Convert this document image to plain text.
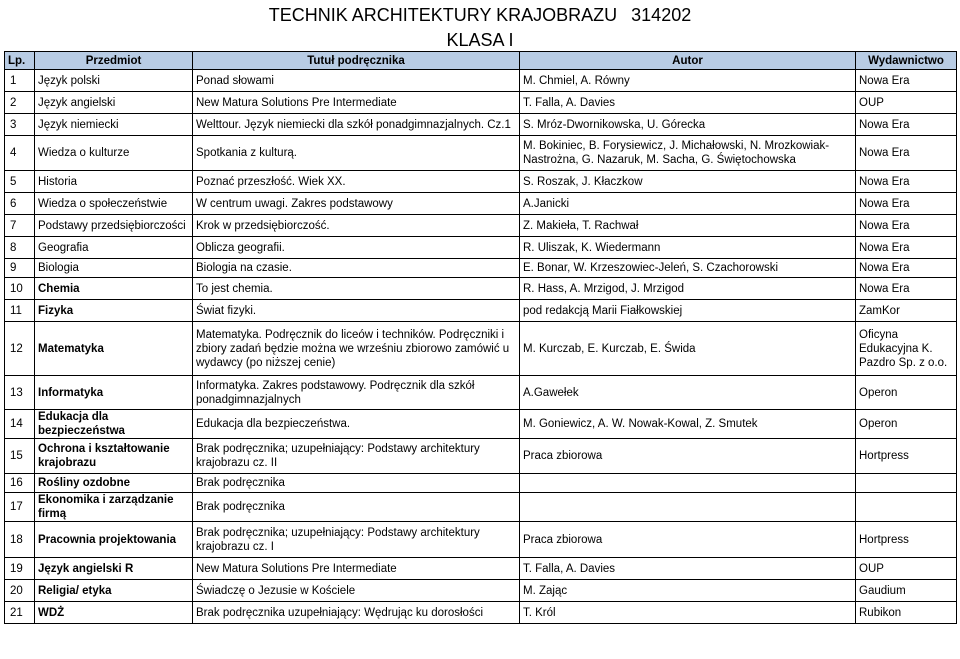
TECHNIK ARCHITEKTURY KRAJOBRAZU 314202
KLASA I
Lp.	Przedmiot	Tutuł podręcznika	Autor	Wydawnictwo
1	Język polski	Ponad słowami	M. Chmiel, A. Równy	Nowa Era
2	Język angielski	New Matura Solutions Pre Intermediate	T. Falla, A. Davies	OUP
3	Język niemiecki	Welttour. Język niemiecki dla szkół ponadgimnazjalnych. Cz.1	S. Mróz-Dwornikowska, U. Górecka	Nowa Era
4	Wiedza o kulturze	Spotkania z kulturą.	M. Bokiniec, B. Forysiewicz, J. Michałowski, N. Mrozkowiak-Nastrożna, G. Nazaruk, M. Sacha, G. Świętochowska	Nowa Era
5	Historia	Poznać przeszłość. Wiek XX.	S. Roszak, J. Kłaczkow	Nowa Era
6	Wiedza o społeczeństwie	W centrum uwagi. Zakres podstawowy	A.Janicki	Nowa Era
7	Podstawy przedsiębiorczości	Krok w przedsiębiorczość.	Z. Makieła, T. Rachwał	Nowa Era
8	Geografia	Oblicza geografii.	R. Uliszak, K. Wiedermann	Nowa Era
9	Biologia	Biologia na czasie.	E. Bonar, W. Krzeszowiec-Jeleń, S. Czachorowski	Nowa Era
10	Chemia	To jest chemia.	R. Hass, A. Mrzigod, J. Mrzigod	Nowa Era
11	Fizyka	Świat fizyki.	pod redakcją Marii Fiałkowskiej	ZamKor
12	Matematyka	Matematyka. Podręcznik do liceów i techników. Podręczniki i zbiory zadań będzie można we wrześniu zbiorowo zamówić u wydawcy (po niższej cenie)	M. Kurczab, E. Kurczab, E. Świda	Oficyna Edukacyjna K. Pazdro Sp. z o.o.
13	Informatyka	Informatyka. Zakres podstawowy. Podręcznik dla szkół ponadgimnazjalnych	A.Gawełek	Operon
14	Edukacja dla bezpieczeństwa	Edukacja dla bezpieczeństwa.	M. Goniewicz, A. W. Nowak-Kowal, Z. Smutek	Operon
15	Ochrona i kształtowanie krajobrazu	Brak podręcznika; uzupełniający: Podstawy architektury krajobrazu cz. II	Praca zbiorowa	Hortpress
16	Rośliny ozdobne	Brak podręcznika		
17	Ekonomika i zarządzanie firmą	Brak podręcznika		
18	Pracownia projektowania	Brak podręcznika; uzupełniający: Podstawy architektury krajobrazu cz. I	Praca zbiorowa	Hortpress
19	Język angielski R	New Matura Solutions Pre Intermediate	T. Falla, A. Davies	OUP
20	Religia/ etyka	Świadczę o Jezusie w Kościele	M. Zając	Gaudium
21	WDŻ	Brak podręcznika uzupełniający: Wędrując ku dorosłości	T. Król	Rubikon
